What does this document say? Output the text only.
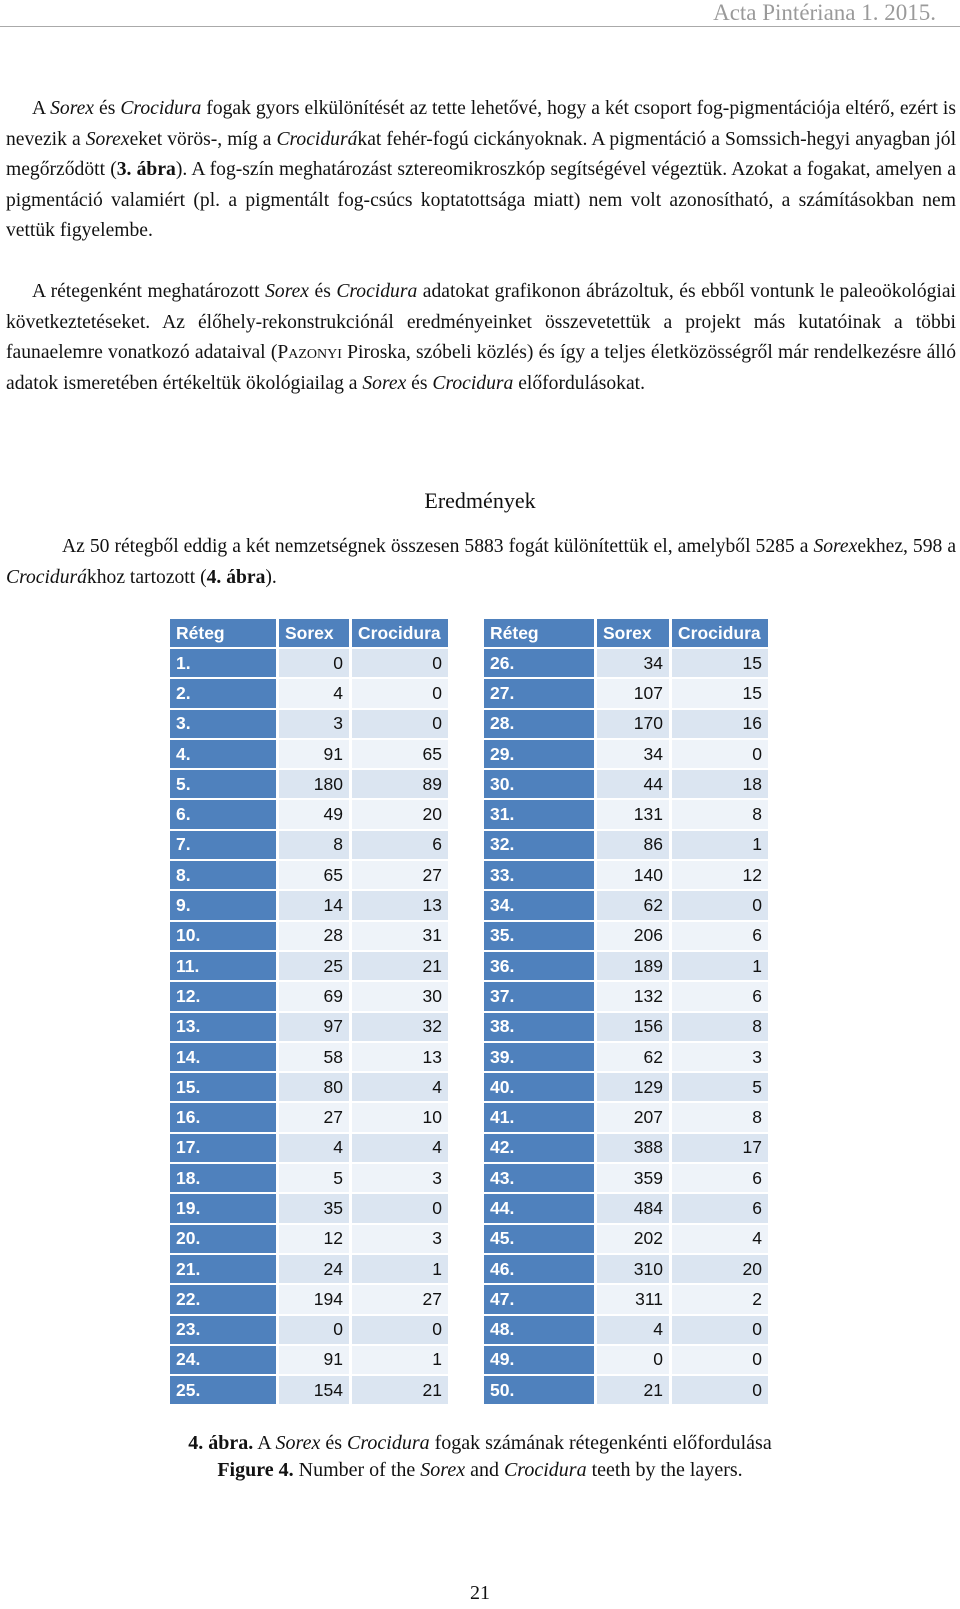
Acta Pintériana 1. 2015.
A Sorex és Crocidura fogak gyors elkülönítését az tette lehetővé, hogy a két csoport fog-pigmentációja eltérő, ezért is nevezik a Sorexeket vörös-, míg a Crocidurákat fehér-fogú cickányoknak. A pigmentáció a Somssich-hegyi anyagban jól megőrződött (3. ábra). A fog-szín meghatározást sztereomikroszkóp segítségével végeztük. Azokat a fogakat, amelyen a pigmentáció valamiért (pl. a pigmentált fog-csúcs koptatottsága miatt) nem volt azonosítható, a számításokban nem vettük figyelembe.
A rétegenként meghatározott Sorex és Crocidura adatokat grafikonon ábrázoltuk, és ebből vontunk le paleoökológiai következtetéseket. Az élőhely-rekonstrukciónál eredményeinket összevetettük a projekt más kutatóinak a többi faunaelemre vonatkozó adataival (Pazonyi Piroska, szóbeli közlés) és így a teljes életközösségről már rendelkezésre álló adatok ismeretében értékeltük ökológiailag a Sorex és Crocidura előfordulásokat.
Eredmények
Az 50 rétegből eddig a két nemzetségnek összesen 5883 fogát különítettük el, amelyből 5285 a Sorexekhez, 598 a Crocidurákhoz tartozott (4. ábra).
Réteg	Sorex	Crocidura
1.	0	0
2.	4	0
3.	3	0
4.	91	65
5.	180	89
6.	49	20
7.	8	6
8.	65	27
9.	14	13
10.	28	31
11.	25	21
12.	69	30
13.	97	32
14.	58	13
15.	80	4
16.	27	10
17.	4	4
18.	5	3
19.	35	0
20.	12	3
21.	24	1
22.	194	27
23.	0	0
24.	91	1
25.	154	21
Réteg	Sorex	Crocidura
26.	34	15
27.	107	15
28.	170	16
29.	34	0
30.	44	18
31.	131	8
32.	86	1
33.	140	12
34.	62	0
35.	206	6
36.	189	1
37.	132	6
38.	156	8
39.	62	3
40.	129	5
41.	207	8
42.	388	17
43.	359	6
44.	484	6
45.	202	4
46.	310	20
47.	311	2
48.	4	0
49.	0	0
50.	21	0
4. ábra. A Sorex és Crocidura fogak számának rétegenkénti előfordulása
Figure 4. Number of the Sorex and Crocidura teeth by the layers.
21
